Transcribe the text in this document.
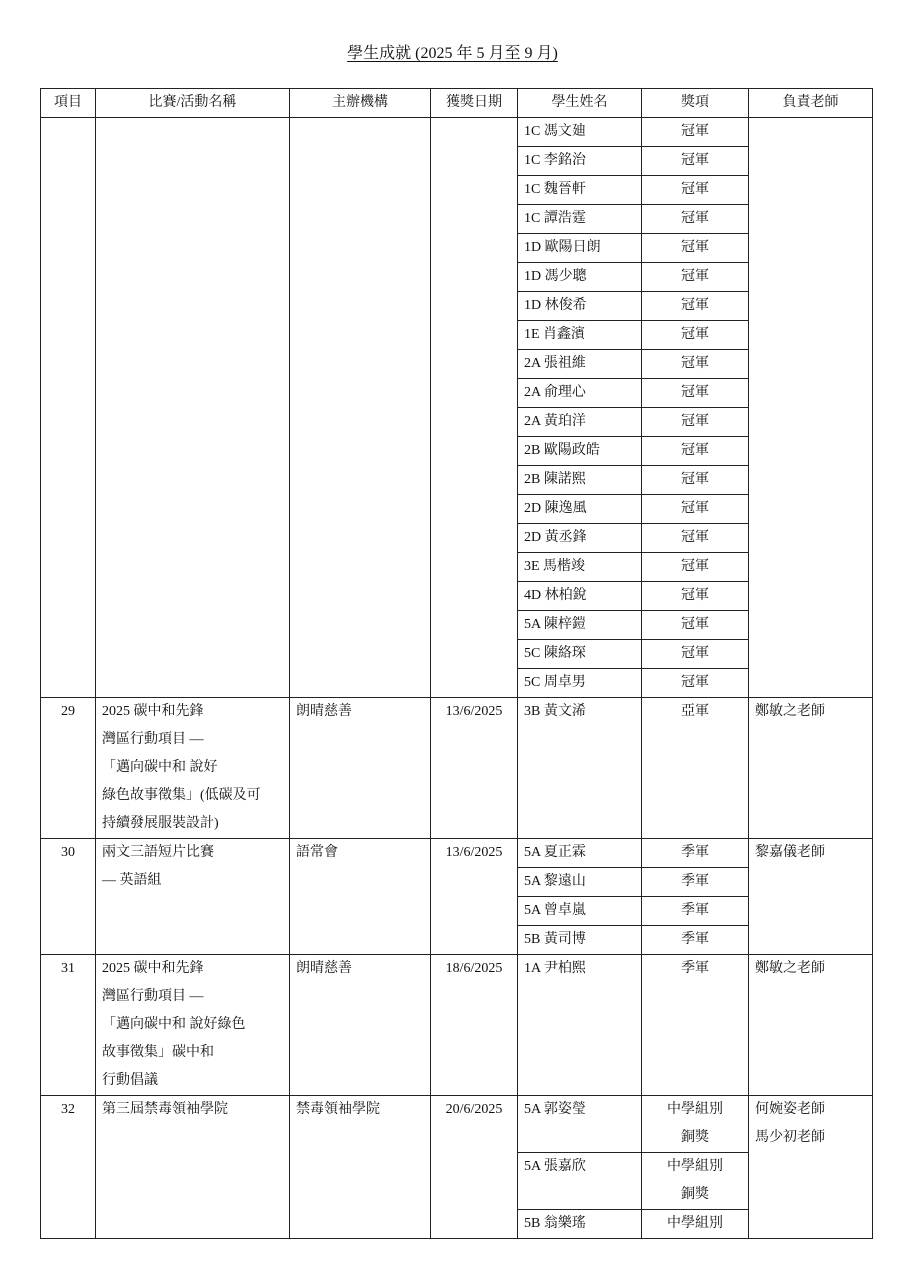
學生成就 (2025 年 5 月至 9 月)
項目	比賽/活動名稱	主辦機構	獲獎日期	學生姓名	獎項	負責老師
				1C 馮文廸	冠軍	
				1C 李銘治	冠軍	
				1C 魏晉軒	冠軍	
				1C 譚浩霆	冠軍	
				1D 歐陽日朗	冠軍	
				1D 馮少聰	冠軍	
				1D 林俊希	冠軍	
				1E 肖鑫濱	冠軍	
				2A 張祖維	冠軍	
				2A 俞理心	冠軍	
				2A 黃珀洋	冠軍	
				2B 歐陽政皓	冠軍	
				2B 陳諾熙	冠軍	
				2D 陳逸風	冠軍	
				2D 黃丞鋒	冠軍	
				3E 馬楷竣	冠軍	
				4D 林柏銳	冠軍	
				5A 陳梓鎧	冠軍	
				5C 陳絡琛	冠軍	
				5C 周卓男	冠軍	
29	2025 碳中和先鋒
灣區行動項目 —
「邁向碳中和 說好
綠色故事徵集」(低碳及可
持續發展服裝設計)	朗晴慈善	13/6/2025	3B 黃文浠	亞軍	鄭敏之老師
30	兩文三語短片比賽
— 英語組	語常會	13/6/2025	5A 夏正霖	季軍	黎嘉儀老師
				5A 黎遠山	季軍	
				5A 曾卓嵐	季軍	
				5B 黃司博	季軍	
31	2025 碳中和先鋒
灣區行動項目 —
「邁向碳中和 說好綠色
故事徵集」碳中和
行動倡議	朗晴慈善	18/6/2025	1A 尹柏熙	季軍	鄭敏之老師
32	第三屆禁毒領袖學院	禁毒領袖學院	20/6/2025	5A 郭姿瑩	中學組別
銅獎	何婉姿老師
馬少初老師
				5A 張嘉欣	中學組別
銅獎	
				5B 翁樂瑤	中學組別	
